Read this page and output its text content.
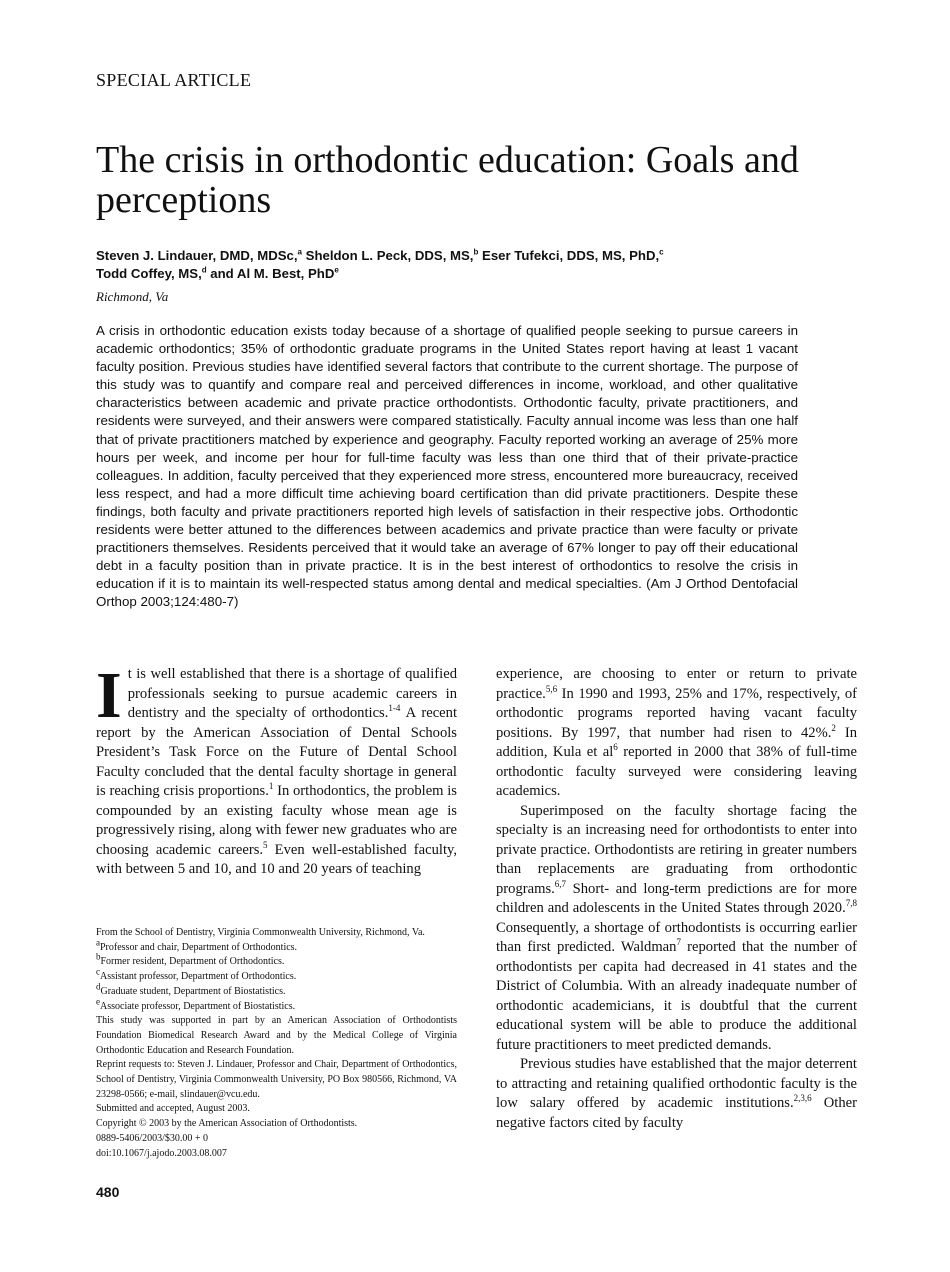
SPECIAL ARTICLE
The crisis in orthodontic education: Goals and perceptions
Steven J. Lindauer, DMD, MDSc,$^a$ Sheldon L. Peck, DDS, MS,$^b$ Eser Tufekci, DDS, MS, PhD,$^c$
Todd Coffey, MS,$^d$ and Al M. Best, PhD$^e$
Richmond, Va

A crisis in orthodontic education exists today because of a shortage of qualified people seeking to pursue careers in academic orthodontics; 35% of orthodontic graduate programs in the United States report having at least 1 vacant faculty position. Previous studies have identified several factors that contribute to the current shortage. The purpose of this study was to quantify and compare real and perceived differences in income, workload, and other qualitative characteristics between academic and private practice orthodontists. Orthodontic faculty, private practitioners, and residents were surveyed, and their answers were compared statistically. Faculty annual income was less than one half that of private practitioners matched by experience and geography. Faculty reported working an average of 25% more hours per week, and income per hour for full-time faculty was less than one third that of their private-practice colleagues. In addition, faculty perceived that they experienced more stress, encountered more bureaucracy, received less respect, and had a more difficult time achieving board certification than did private practitioners. Despite these findings, both faculty and private practitioners reported high levels of satisfaction in their respective jobs. Orthodontic residents were better attuned to the differences between academics and private practice than were faculty or private practitioners themselves. Residents perceived that it would take an average of 67% longer to pay off their educational debt in a faculty position than in private practice. It is in the best interest of orthodontics to resolve the crisis in education if it is to maintain its well-respected status among dental and medical specialties. (Am J Orthod Dentofacial Orthop 2003;124:480-7)

It is well established that there is a shortage of qualified professionals seeking to pursue academic careers in dentistry and the specialty of orthodontics.$^{1-4}$ A recent report by the American Association of Dental Schools President’s Task Force on the Future of Dental School Faculty concluded that the dental faculty shortage in general is reaching crisis proportions.$^1$ In orthodontics, the problem is compounded by an existing faculty whose mean age is progressively rising, along with fewer new graduates who are choosing academic careers.$^5$ Even well-established faculty, with between 5 and 10, and 10 and 20 years of teaching

experience, are choosing to enter or return to private practice.$^{5,6}$ In 1990 and 1993, 25% and 17%, respectively, of orthodontic programs reported having vacant faculty positions. By 1997, that number had risen to 42%.$^2$ In addition, Kula et $al^6$ reported in 2000 that 38% of full-time orthodontic faculty surveyed were considering leaving academics.

Superimposed on the faculty shortage facing the specialty is an increasing need for orthodontists to enter into private practice. Orthodontists are retiring in greater numbers than replacements are graduating from orthodontic programs.$^{6,7}$ Short- and long-term predictions are for more children and adolescents in the United States through 2020.$^{7,8}$ Consequently, a shortage of orthodontists is occurring earlier than first predicted. Waldman$^7$ reported that the number of orthodontists per capita had decreased in 41 states and the District of Columbia. With an already inadequate number of orthodontic academicians, it is doubtful that the current educational system will be able to produce the additional future practitioners to meet predicted demands.

Previous studies have established that the major deterrent to attracting and retaining qualified orthodontic faculty is the low salary offered by academic institutions.$^{2,3,6}$ Other negative factors cited by faculty

From the School of Dentistry, Virginia Commonwealth University, Richmond, Va.

$^a$Professor and chair, Department of Orthodontics.

$^b$Former resident, Department of Orthodontics.

$^c$Assistant professor, Department of Orthodontics.

$^d$Graduate student, Department of Biostatistics.

$^e$Associate professor, Department of Biostatistics.

This study was supported in part by an American Association of Orthodontists Foundation Biomedical Research Award and by the Medical College of Virginia Orthodontic Education and Research Foundation.

Reprint requests to: Steven J. Lindauer, Professor and Chair, Department of Orthodontics, School of Dentistry, Virginia Commonwealth University, PO Box 980566, Richmond, VA 23298-0566; e-mail, slindauer@vcu.edu.

Submitted and accepted, August 2003.

Copyright © 2003 by the American Association of Orthodontists.

0889-5406/2003/$30.00 + 0

doi:10.1067/j.ajodo.2003.08.007

480
